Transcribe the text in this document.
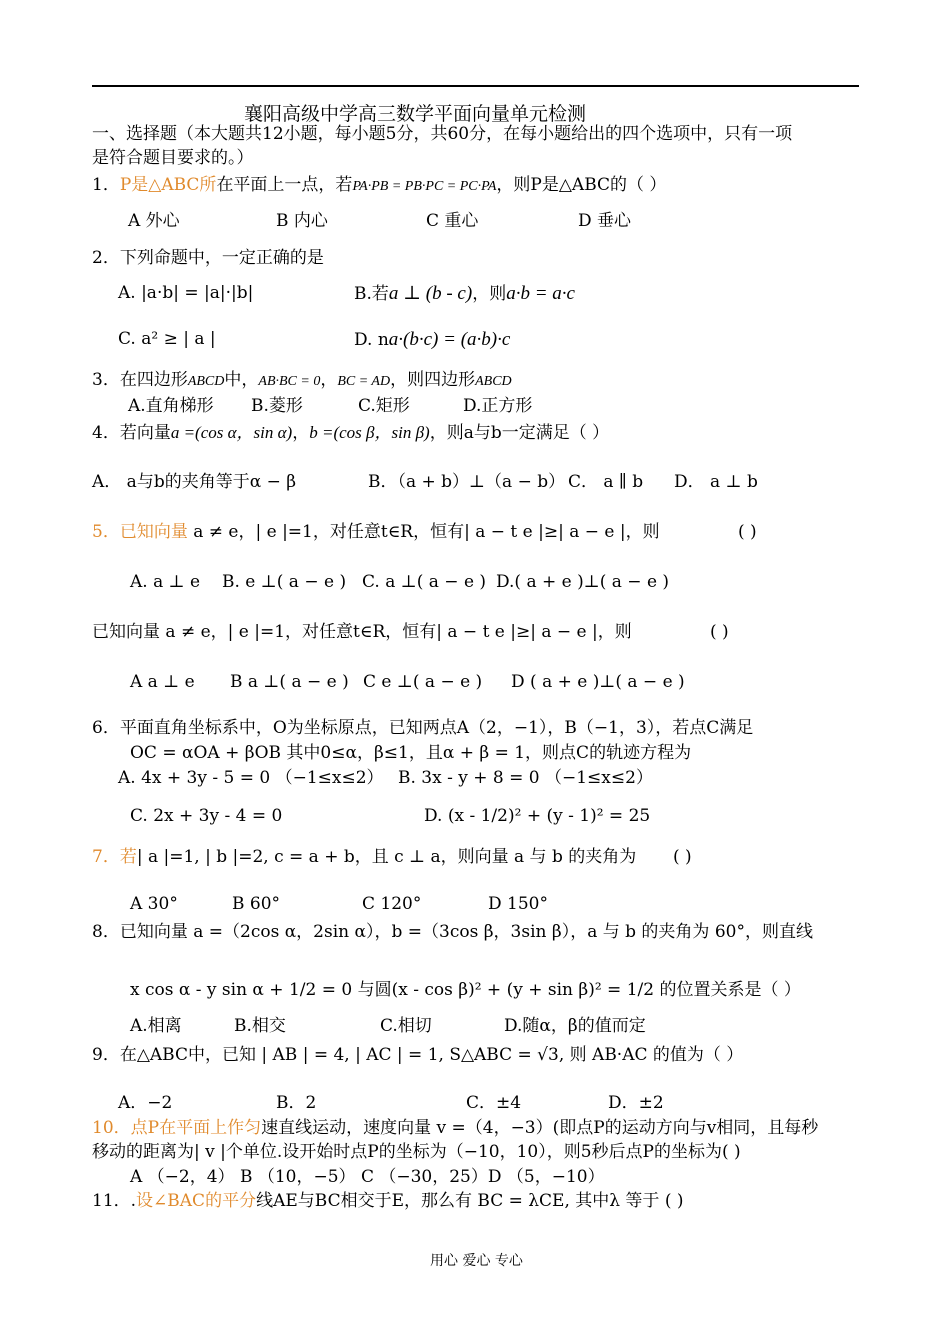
襄阳高级中学高三数学平面向量单元检测
一、选择题（本大题共12小题，每小题5分，共60分，在每小题给出的四个选项中，只有一项
是符合题目要求的。）
1．P是△ABC所在平面上一点，若PA·PB = PB·PC = PC·PA，则P是△ABC的（ ）
A 外心	B 内心	C 重心	D 垂心
2．下列命题中，一定正确的是
A. |a·b| = |a|·|b|	B.若a ⊥ (b - c)，则a·b = a·c
C. a² ≥ | a |	D. na·(b·c) = (a·b)·c
3．在四边形ABCD中，AB·BC = 0，BC = AD，则四边形ABCD
A.直角梯形 B.菱形	C.矩形	D.正方形
4．若向量a =(cos α，sin α)，b =(cos β，sin β)，则a与b一定满足（ ）
A． a与b的夹角等于α − β	B．（a + b）⊥（a − b） C． a ∥ b D． a ⊥ b
5．已知向量 a ≠ e，| e |=1，对任意t∈R，恒有| a − t e |≥| a − e |，则	( )
A. a ⊥ e B. e ⊥( a − e ) C. a ⊥( a − e ) D.( a + e )⊥( a − e )
已知向量 a ≠ e，| e |=1，对任意t∈R，恒有| a − t e |≥| a − e |，则	( )
A a ⊥ e B a ⊥( a − e ) C e ⊥( a − e ) D ( a + e )⊥( a − e )
6．平面直角坐标系中，O为坐标原点，已知两点A（2，−1），B（−1，3），若点C满足
OC = αOA + βOB 其中0≤α，β≤1，且α + β = 1，则点C的轨迹方程为
A. 4x + 3y - 5 = 0 （−1≤x≤2） B. 3x - y + 8 = 0 （−1≤x≤2）
C. 2x + 3y - 4 = 0	D. (x - 1/2)² + (y - 1)² = 25
7．若| a |=1, | b |=2, c = a + b，且 c ⊥ a，则向量 a 与 b 的夹角为 ( )
A 30°	B 60°	C 120°	D 150°
8．已知向量 a =（2cos α，2sin α），b =（3cos β，3sin β），a 与 b 的夹角为 60°，则直线
x cos α - y sin α + 1/2 = 0 与圆(x - cos β)² + (y + sin β)² = 1/2 的位置关系是（ ）
A.相离	B.相交	C.相切	D.随α，β的值而定
9．在△ABC中，已知 | AB | = 4, | AC | = 1, S△ABC = √3, 则 AB·AC 的值为（ ）
A．−2	B．2	C．±4	D．±2
10．点P在平面上作匀速直线运动，速度向量 v =（4，−3）(即点P的运动方向与v相同，且每秒
移动的距离为| v |个单位.设开始时点P的坐标为（−10，10），则5秒后点P的坐标为( )
A （−2，4） B （10，−5） C （−30，25）D （5，−10）
11．.设∠BAC的平分线AE与BC相交于E，那么有 BC = λCE, 其中λ 等于 ( )
用心 爱心 专心
